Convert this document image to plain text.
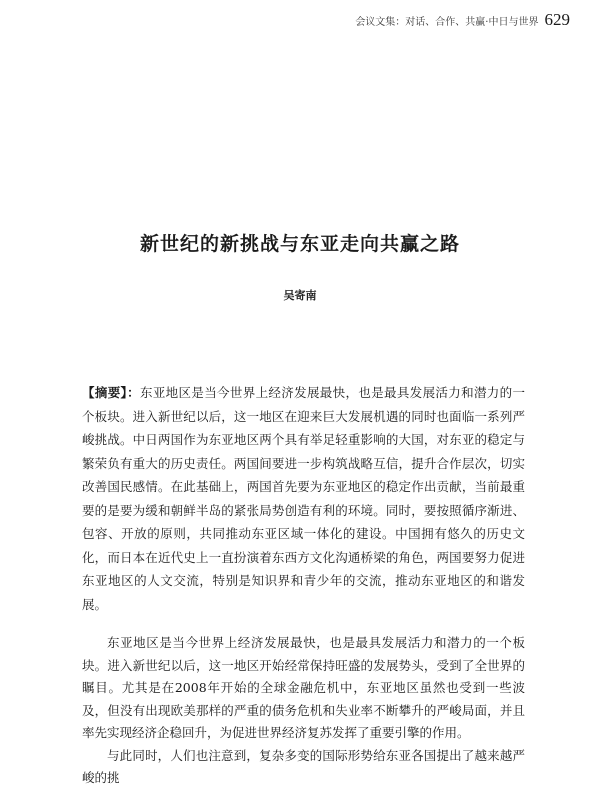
会议文集：对话、合作、共赢·中日与世界 629
新世纪的新挑战与东亚走向共赢之路
吴寄南
【摘要】：东亚地区是当今世界上经济发展最快，也是最具发展活力和潜力的一个板块。进入新世纪以后，这一地区在迎来巨大发展机遇的同时也面临一系列严峻挑战。中日两国作为东亚地区两个具有举足轻重影响的大国，对东亚的稳定与繁荣负有重大的历史责任。两国间要进一步构筑战略互信，提升合作层次，切实改善国民感情。在此基础上，两国首先要为东亚地区的稳定作出贡献，当前最重要的是要为缓和朝鲜半岛的紧张局势创造有利的环境。同时，要按照循序渐进、包容、开放的原则，共同推动东亚区域一体化的建设。中国拥有悠久的历史文化，而日本在近代史上一直扮演着东西方文化沟通桥梁的角色，两国要努力促进东亚地区的人文交流，特别是知识界和青少年的交流，推动东亚地区的和谐发展。

东亚地区是当今世界上经济发展最快，也是最具发展活力和潜力的一个板块。进入新世纪以后，这一地区开始经常保持旺盛的发展势头，受到了全世界的瞩目。尤其是在2008年开始的全球金融危机中，东亚地区虽然也受到一些波及，但没有出现欧美那样的严重的债务危机和失业率不断攀升的严峻局面，并且率先实现经济企稳回升，为促进世界经济复苏发挥了重要引擎的作用。

与此同时，人们也注意到，复杂多变的国际形势给东亚各国提出了越来越严峻的挑
